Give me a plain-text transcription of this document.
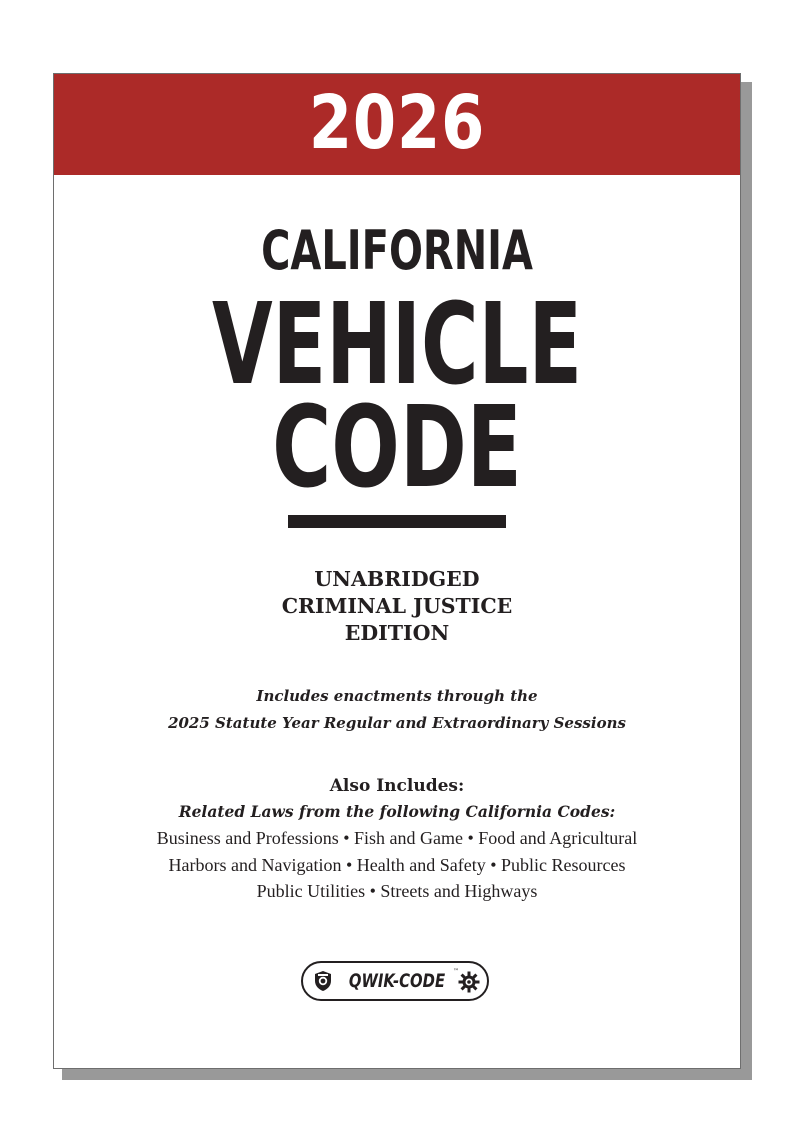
2026
CALIFORNIA
VEHICLE
CODE
UNABRIDGED
CRIMINAL JUSTICE
EDITION
Includes enactments through the
2025 Statute Year Regular and Extraordinary Sessions
Also Includes:
Related Laws from the following California Codes:
Business and Professions • Fish and Game • Food and Agricultural
Harbors and Navigation • Health and Safety • Public Resources
Public Utilities • Streets and Highways
QWIK-CODE ™
